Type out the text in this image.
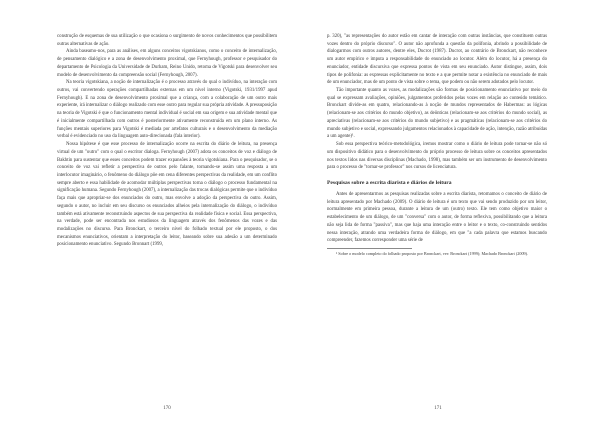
construção de esquemas de sua utilização o que ocasiona o surgimento de novos conhecimentos que possibilitem outras alternativas de ação.

Ainda baseamo-nos, para as análises, em alguns conceitos vigotskianos, como o conceito de internalização, de pensamento dialógico e a zona de desenvolvimento proximal, que Fernyhough, professor e pesquisador do departamento de Psicologia da Universidade de Durham, Reino Unido, retoma de Vigotski para desenvolver seu modelo de desenvolvimento da compreensão social (Fernyhough, 2007).

Na teoria vigotskiana, a noção de internalização é o processo através do qual o indivíduo, na interação com outros, vai convertendo operações compartilhadas externas em um nível interno (Vigotski, 1931/1997 apud Fernyhough). E na zona de desenvolvimento proximal que a criança, com a colaboração de um outro mais experiente, irá internalizar o diálogo realizado com esse outro para regular sua própria atividade. A pressuposição na teoria de Vigotski é que o funcionamento mental individual é social em sua origem e sua atividade mental que é inicialmente compartilhada com outros é posteriormente ativamente reconstruída em um plano interno. As funções mentais superiores para Vigotski é mediada por artefatos culturais e o desenvolvimento da mediação verbal é evidenciado no uso da linguagem auto-direcionada (fala interior).

Nossa hipótese é que esse processo de internalização ocorre na escrita do diário de leitura, na presença virtual de um "outro" com o qual o escritor dialoga. Fernyhough (2007) adota os conceitos de voz e diálogo de Bakhtin para sustentar que esses conceitos podem trazer expansões à teoria vigotskiana. Para o pesquisador, se o conceito de voz vai refletir a perspectiva de outros pelo falante, tornando-se assim uma resposta a um interlocutor imaginário, o fenômeno do diálogo pôe em cena diferentes perspectivas da realidade, em um conflito sempre aberto e essa habilidade de acomodar múltiplas perspectivas torna o diálogo o processo fundamental na significação humana. Segundo Fernyhough (2007), a internalização das trocas dialógicas permite que o indivíduo faça mais que apropriar-se dos enunciados do outro, mas envolve a adoção da perspectiva do outro. Assim, segundo o autor, no incluir em seu discurso os enunciados alheios pela internalização do diálogo, o indivíduo também está ativamente reconstruindo aspectos de sua perspectiva da realidade física e social. Essa perspectiva, na verdade, pode ser encontrada nos estudiosos da linguagem através dos fenômenos das vozes e das modalizações no discurso. Para Bronckart, o terceiro nível do folhado textual por ele proposto, o dos mecanismos enunciativos, orientam a interpretação do leitor, baseando sobre sua adesão a um determinado posicionamento enunciativo. Segundo Bronnart (1999,

170

p. 320), "as representações do autor estão em cantar de interação com outras instâncias, que constituem outras vozes dentro do próprio discurso". O autor não aprofunda a questão da polifonia, abrindo a possibilidade de dialogarmos com outros autores, dentre eles, Ducrot (1987). Ducrot, ao contrário de Bronckart, não reconhece um autor empírico e imputa a responsabilidade do enunciado ao locutor. Além do locutor, há a presença do enunciador, entidade discursiva que expressa pontos de vista em seu enunciado. Autor distingue, assim, dois tipos de polifonia: as expressas explicitamente no texto e a que permite notar a existência no enunciado de mais de um enunciador, mas de um ponto de vista sobre o tema, que podem ou não serem adotados pelo locutor.

Tão importante quanto as vozes, as modalizações são formas de posicionamento enunciativo por meio do qual se expressam avaliações, opiniões, julgamentos proferidos pelas vozes em relação ao conteúdo temático. Bronckart divide-as em quatro, relacionando-as à noção de mundos representados de Habermas: as lógicas (relacionam-se aos critérios do mundo objetivo), as deônticas (relacionam-se aos critérios do mundo social), as apreciativas (relacionam-se aos critérios do mundo subjetivo) e as pragmáticas (relacionam-se aos critérios do mundo subjetivo e social, expressando julgamentos relacionados à capacidade de ação, intenção, razão atribuídas a um agente)¹.

Sob essa perspectiva teórico-metodológica, iremos mostrar como o diário de leitura pode tornar-se não só um dispositivo didático para o desenvolvimento do próprio processo de leitura sobre os conceitos apresentados nos textos lidos nas diversas disciplinas (Machado, 1998), mas também ser um instrumento de desenvolvimento para o processo de "tornar-se professor" nos cursos de licenciatura.

Pesquisas sobre a escrita diarista e diários de leitura

Antes de apresentarmos as pesquisas realizadas sobre a escrita diarista, retomamos o conceito de diário de leitura apresentado por Machado (2009). O diário de leitura é um texto que vai sendo produzido por um leitor, normalmente em primeira pessoa, durante a leitura de um (outro) texto. Ele tem como objetivo maior o estabelecimento de um diálogo, de um "conversa" com o autor, de forma reflexiva, possibilitando que a leitura não seja lida de forma "passiva", mas que haja uma interação entre o leitor e o texto, co-construindo sentidos nessa interação, atrando uma verdadeira forma de diálogo, em que "a cada palavra que estamos buscando compreender, fazemos corresponder uma série de

¹ Sobre o modelo completo do folhado proposto por Bronckart, ver: Bronckart (1999); Machado Bronckart (2009).
171
